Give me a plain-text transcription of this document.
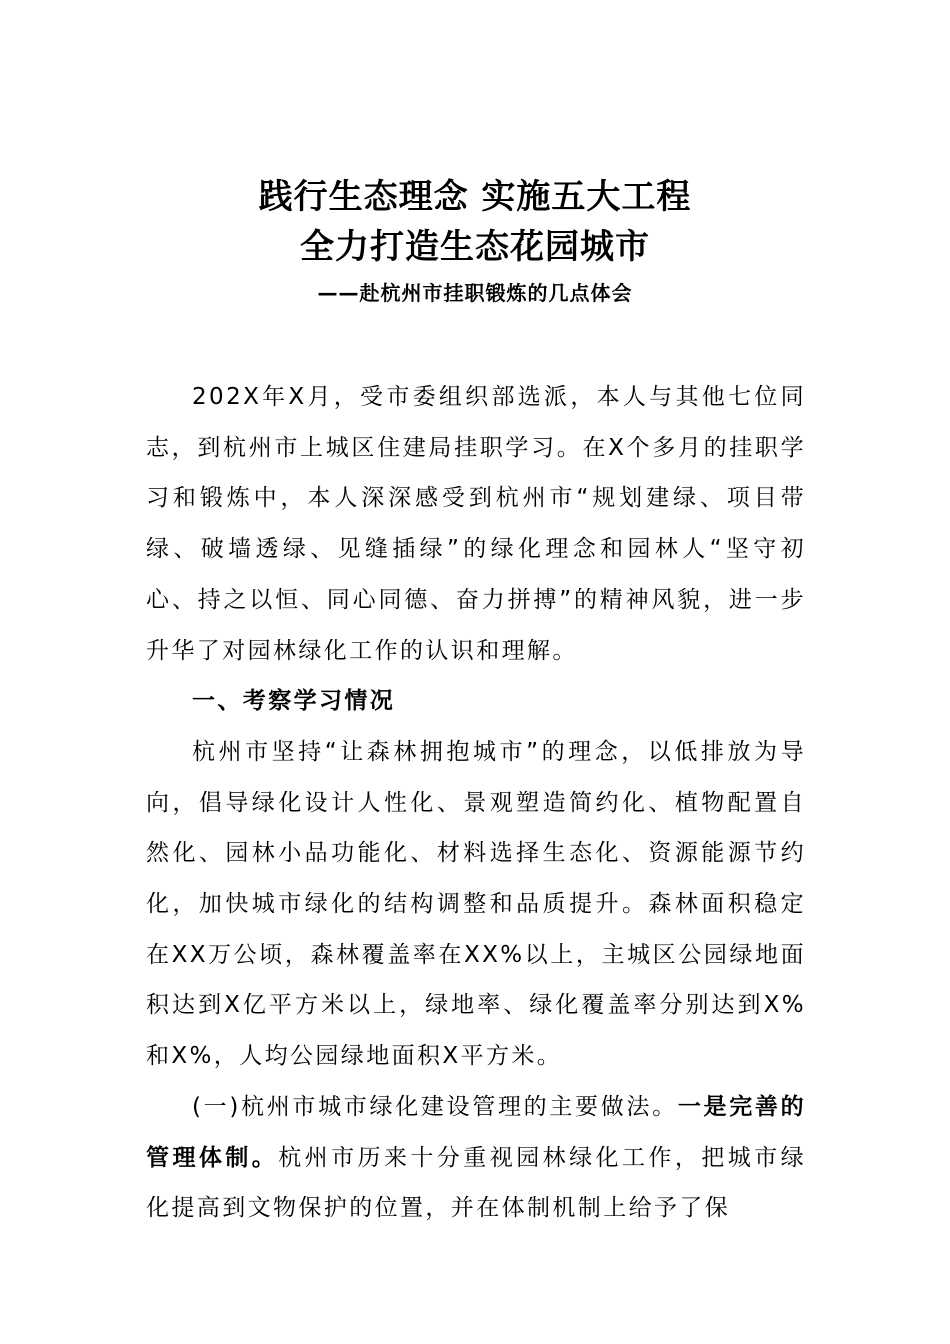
践行生态理念 实施五大工程

全力打造生态花园城市

——赴杭州市挂职锻炼的几点体会

202X年X月，受市委组织部选派，本人与其他七位同志，到杭州市上城区住建局挂职学习。在X个多月的挂职学习和锻炼中，本人深深感受到杭州市“规划建绿、项目带绿、破墙透绿、见缝插绿”的绿化理念和园林人“坚守初心、持之以恒、同心同德、奋力拼搏”的精神风貌，进一步升华了对园林绿化工作的认识和理解。

一、考察学习情况

杭州市坚持“让森林拥抱城市”的理念，以低排放为导向，倡导绿化设计人性化、景观塑造简约化、植物配置自然化、园林小品功能化、材料选择生态化、资源能源节约化，加快城市绿化的结构调整和品质提升。森林面积稳定在XX万公顷，森林覆盖率在XX%以上，主城区公园绿地面积达到X亿平方米以上，绿地率、绿化覆盖率分别达到X%和X%，人均公园绿地面积X平方米。

(一)杭州市城市绿化建设管理的主要做法。一是完善的管理体制。杭州市历来十分重视园林绿化工作，把城市绿化提高到文物保护的位置，并在体制机制上给予了保
